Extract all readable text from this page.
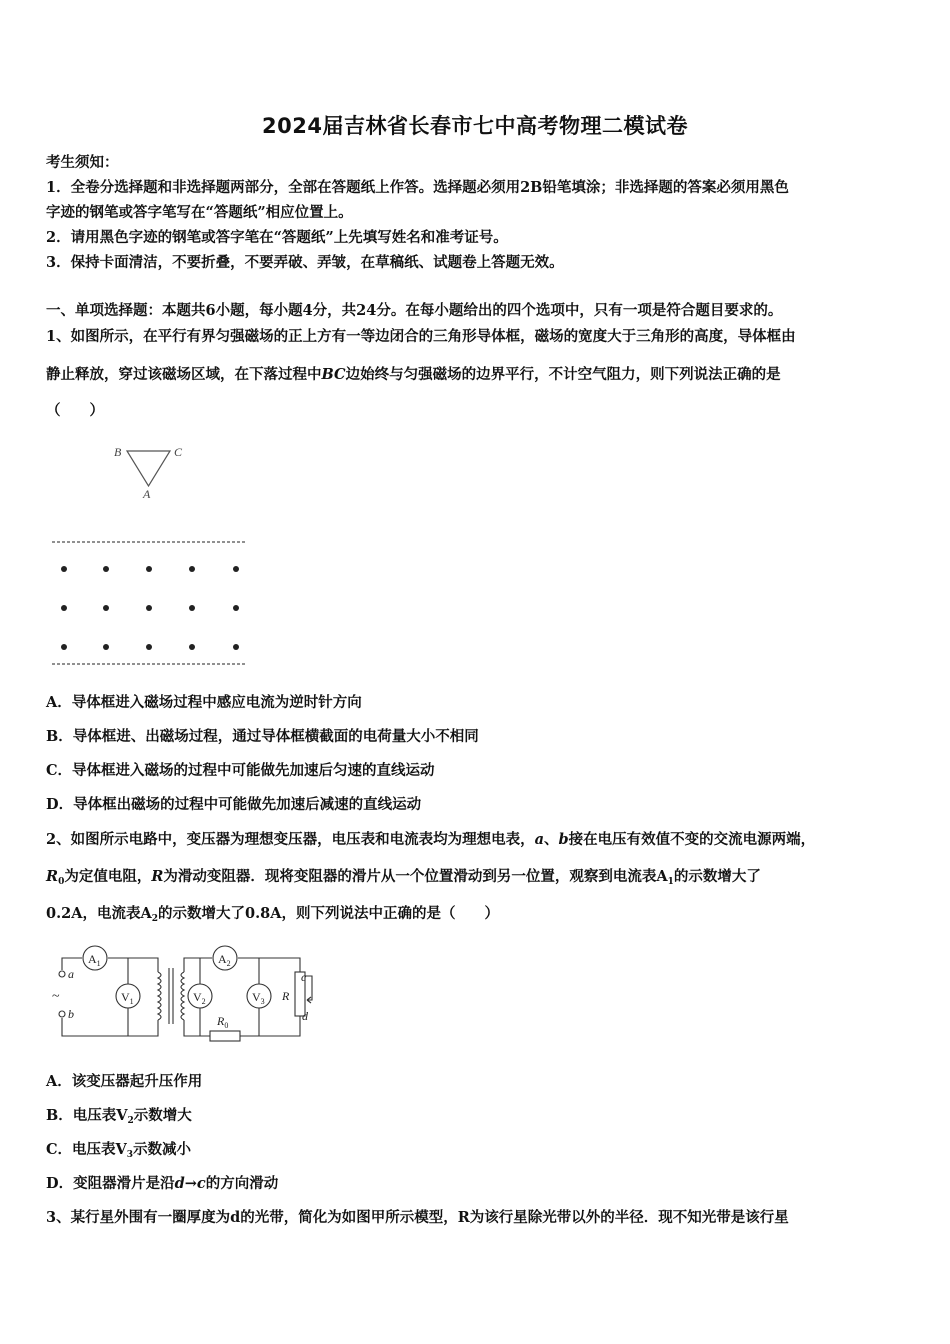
2024届吉林省长春市七中高考物理二模试卷
考生须知：
1．全卷分选择题和非选择题两部分，全部在答题纸上作答。选择题必须用2B铅笔填涂；非选择题的答案必须用黑色
字迹的钢笔或答字笔写在“答题纸”相应位置上。
2．请用黑色字迹的钢笔或答字笔在“答题纸”上先填写姓名和准考证号。
3．保持卡面清洁，不要折叠，不要弄破、弄皱，在草稿纸、试题卷上答题无效。
一、单项选择题：本题共6小题，每小题4分，共24分。在每小题给出的四个选项中，只有一项是符合题目要求的。
1、如图所示，在平行有界匀强磁场的正上方有一等边闭合的三角形导体框，磁场的宽度大于三角形的高度，导体框由
静止释放，穿过该磁场区域，在下落过程中BC边始终与匀强磁场的边界平行，不计空气阻力，则下列说法正确的是
（　　）
B	C
A
A．导体框进入磁场过程中感应电流为逆时针方向
B．导体框进、出磁场过程，通过导体框横截面的电荷量大小不相同
C．导体框进入磁场的过程中可能做先加速后匀速的直线运动
D．导体框出磁场的过程中可能做先加速后减速的直线运动
2、如图所示电路中，变压器为理想变压器，电压表和电流表均为理想电表，a、b接在电压有效值不变的交流电源两端，
$R_0$为定值电阻，R为滑动变阻器．现将变阻器的滑片从一个位置滑动到另一位置，观察到电流表$A_1$的示数增大了
0.2A，电流表$A_2$的示数增大了0.8A，则下列说法中正确的是（　　）
$A_1$
$V_1$
a
b
~
$A_2$
$V_2$	$V_3$
$R_0$
R
c
d
A．该变压器起升压作用
B．电压表$V_2$示数增大
C．电压表$V_3$示数减小
D．变阻器滑片是沿d→c的方向滑动
3、某行星外围有一圈厚度为d的光带，简化为如图甲所示模型，R为该行星除光带以外的半径．现不知光带是该行星
